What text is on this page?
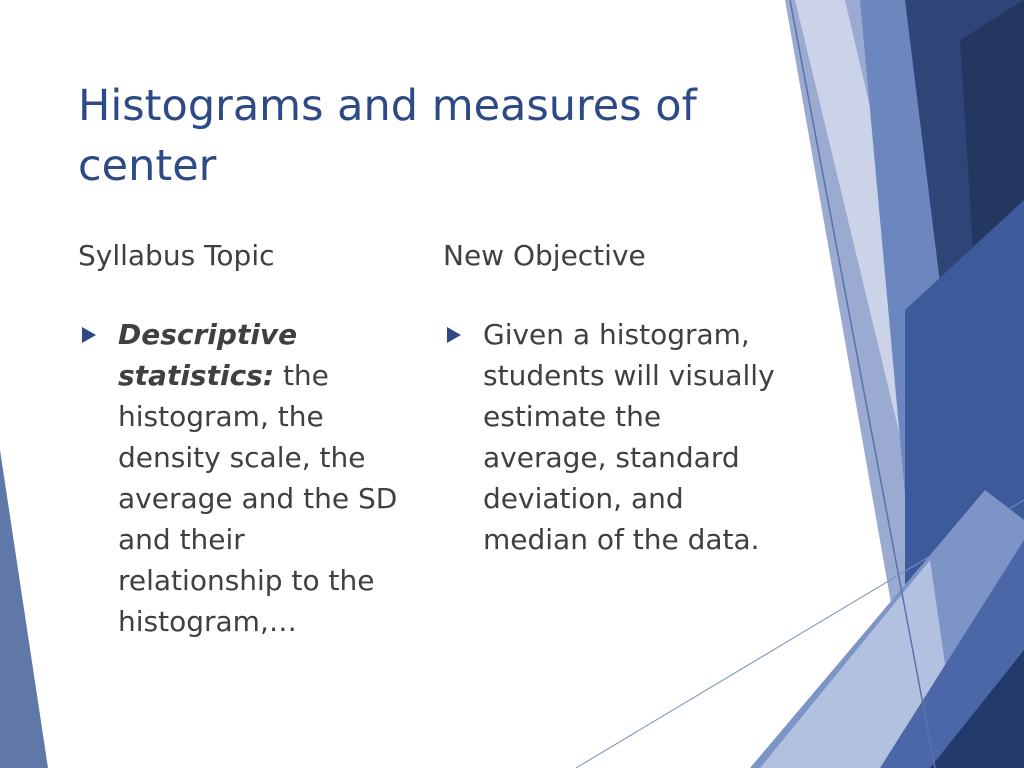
Histograms and measures of center
Syllabus Topic	New Objective
Descriptive statistics: the histogram, the density scale, the average and the SD and their relationship to the histogram,…
Given a histogram, students will visually estimate the average, standard deviation, and median of the data.
